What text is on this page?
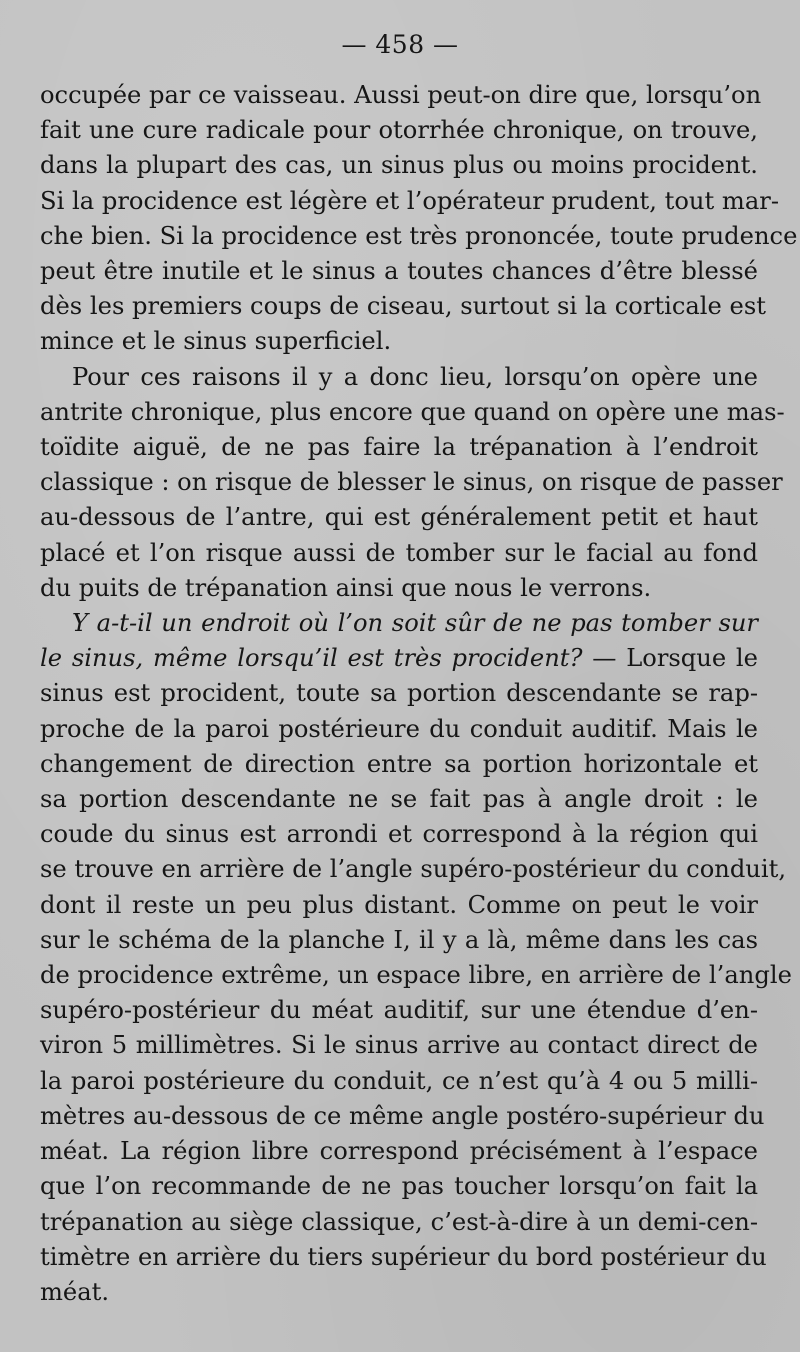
— 458 —
occupée par ce vaisseau. Aussi peut-on dire que, lorsqu’on
fait une cure radicale pour otorrhée chronique, on trouve,
dans la plupart des cas, un sinus plus ou moins procident.
Si la procidence est légère et l’opérateur prudent, tout mar-
che bien. Si la procidence est très prononcée, toute prudence
peut être inutile et le sinus a toutes chances d’être blessé
dès les premiers coups de ciseau, surtout si la corticale est
mince et le sinus superficiel.
Pour ces raisons il y a donc lieu, lorsqu’on opère une
antrite chronique, plus encore que quand on opère une mas-
toïdite aiguë, de ne pas faire la trépanation à l’endroit
classique : on risque de blesser le sinus, on risque de passer
au-dessous de l’antre, qui est généralement petit et haut
placé et l’on risque aussi de tomber sur le facial au fond
du puits de trépanation ainsi que nous le verrons.
Y a-t-il un endroit où l’on soit sûr de ne pas tomber sur
le sinus, même lorsqu’il est très procident? — Lorsque le
sinus est procident, toute sa portion descendante se rap-
proche de la paroi postérieure du conduit auditif. Mais le
changement de direction entre sa portion horizontale et
sa portion descendante ne se fait pas à angle droit : le
coude du sinus est arrondi et correspond à la région qui
se trouve en arrière de l’angle supéro-postérieur du conduit,
dont il reste un peu plus distant. Comme on peut le voir
sur le schéma de la planche I, il y a là, même dans les cas
de procidence extrême, un espace libre, en arrière de l’angle
supéro-postérieur du méat auditif, sur une étendue d’en-
viron 5 millimètres. Si le sinus arrive au contact direct de
la paroi postérieure du conduit, ce n’est qu’à 4 ou 5 milli-
mètres au-dessous de ce même angle postéro-supérieur du
méat. La région libre correspond précisément à l’espace
que l’on recommande de ne pas toucher lorsqu’on fait la
trépanation au siège classique, c’est-à-dire à un demi-cen-
timètre en arrière du tiers supérieur du bord postérieur du
méat.
